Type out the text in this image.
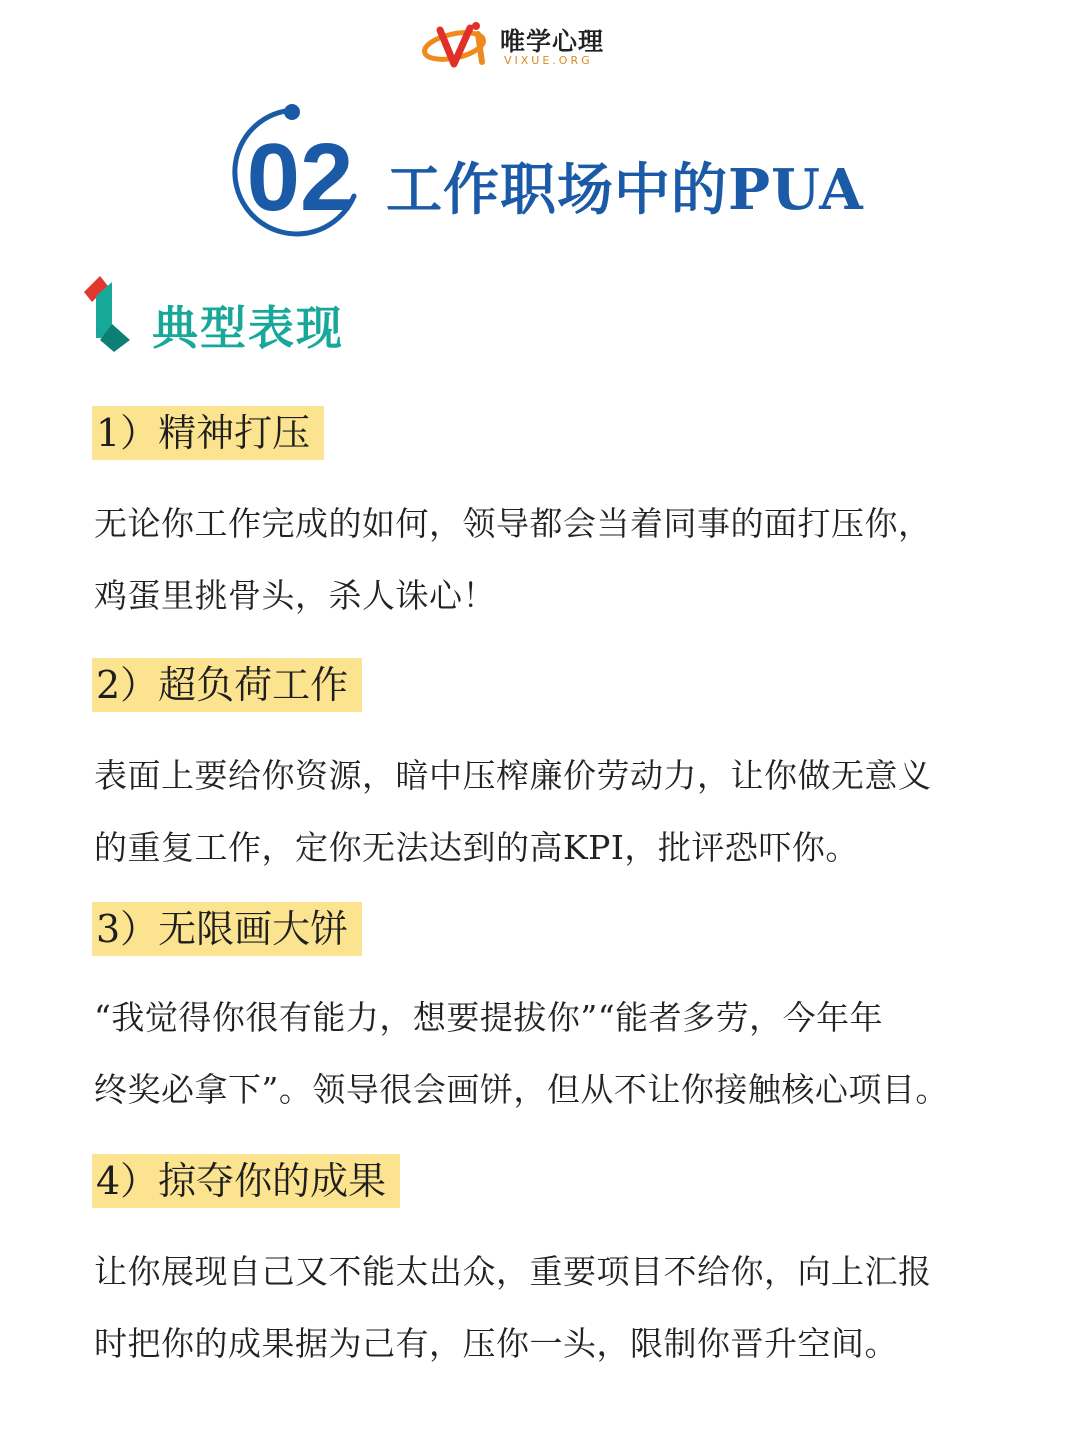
唯学心理
VIXUE.ORG
02 工作职场中的PUA
1 典型表现
1）精神打压
无论你工作完成的如何，领导都会当着同事的面打压你，
鸡蛋里挑骨头，杀人诛心！
2）超负荷工作
表面上要给你资源，暗中压榨廉价劳动力，让你做无意义
的重复工作，定你无法达到的高KPI，批评恐吓你。
3）无限画大饼
“我觉得你很有能力，想要提拔你”“能者多劳，今年年
终奖必拿下”。领导很会画饼，但从不让你接触核心项目。
4）掠夺你的成果
让你展现自己又不能太出众，重要项目不给你，向上汇报
时把你的成果据为己有，压你一头，限制你晋升空间。
